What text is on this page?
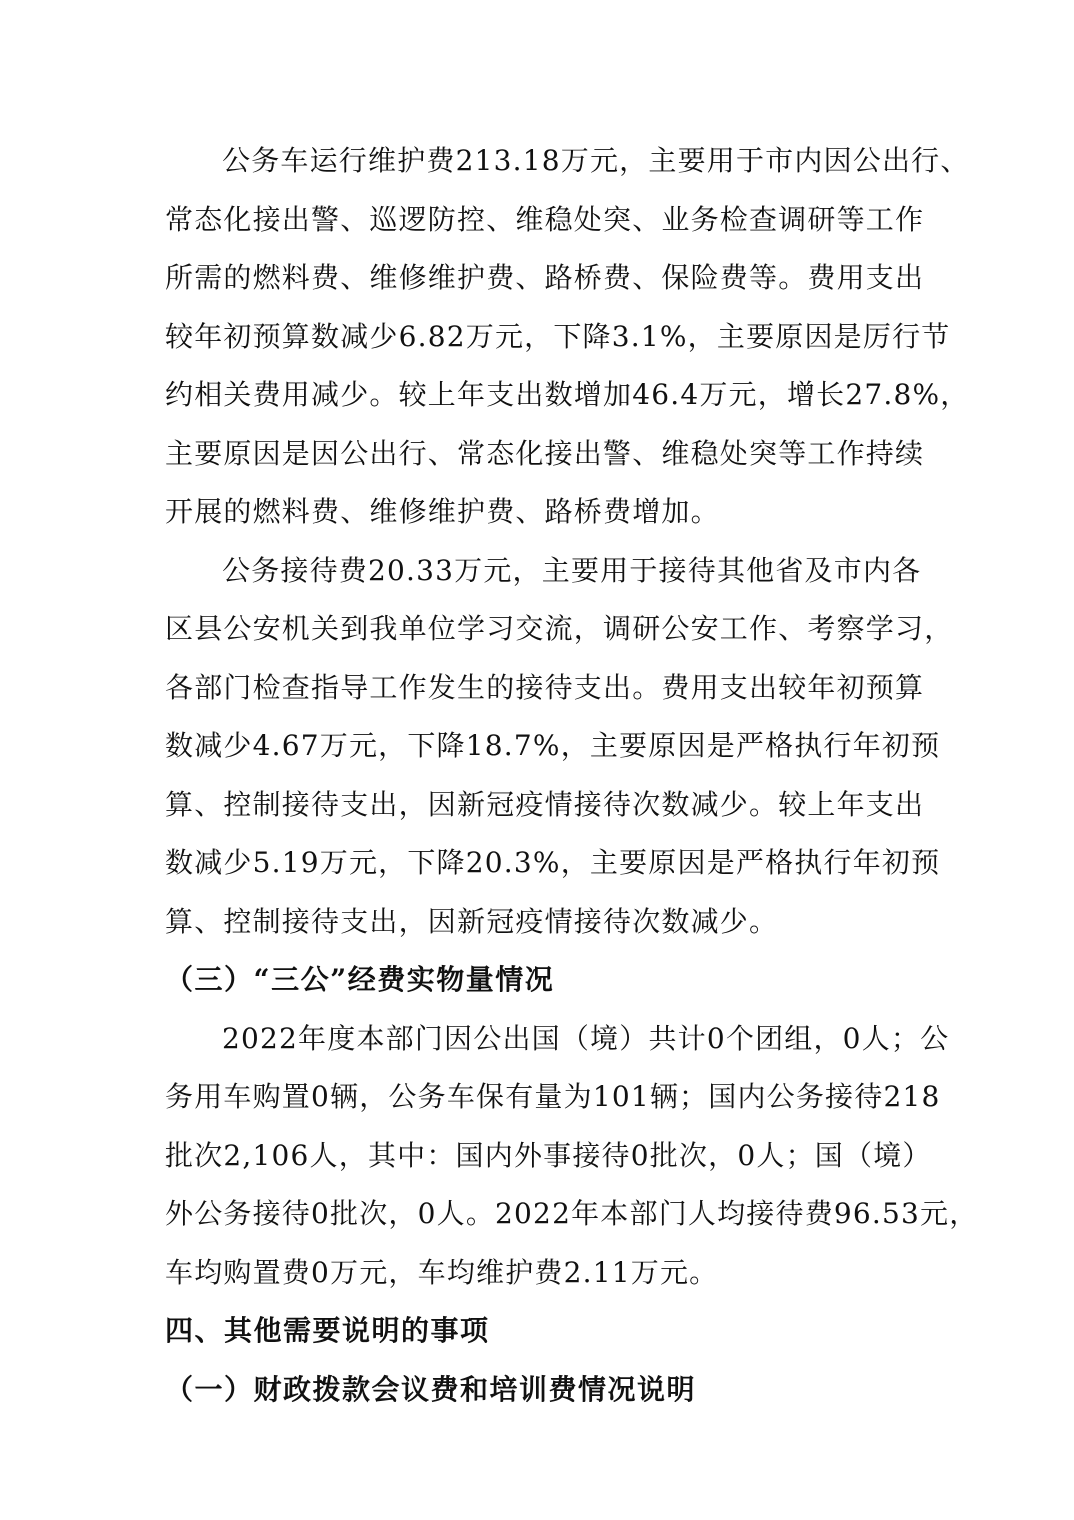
公务车运行维护费213.18万元，主要用于市内因公出行、

常态化接出警、巡逻防控、维稳处突、业务检查调研等工作

所需的燃料费、维修维护费、路桥费、保险费等。费用支出

较年初预算数减少6.82万元，下降3.1%，主要原因是厉行节

约相关费用减少。较上年支出数增加46.4万元，增长27.8%，

主要原因是因公出行、常态化接出警、维稳处突等工作持续

开展的燃料费、维修维护费、路桥费增加。

公务接待费20.33万元，主要用于接待其他省及市内各

区县公安机关到我单位学习交流，调研公安工作、考察学习，

各部门检查指导工作发生的接待支出。费用支出较年初预算

数减少4.67万元，下降18.7%，主要原因是严格执行年初预

算、控制接待支出，因新冠疫情接待次数减少。较上年支出

数减少5.19万元，下降20.3%，主要原因是严格执行年初预

算、控制接待支出，因新冠疫情接待次数减少。

（三）“三公”经费实物量情况

2022年度本部门因公出国（境）共计0个团组，0人；公

务用车购置0辆，公务车保有量为101辆；国内公务接待218

批次2,106人，其中：国内外事接待0批次，0人；国（境）

外公务接待0批次，0人。2022年本部门人均接待费96.53元，

车均购置费0万元，车均维护费2.11万元。

四、其他需要说明的事项
（一）财政拨款会议费和培训费情况说明
